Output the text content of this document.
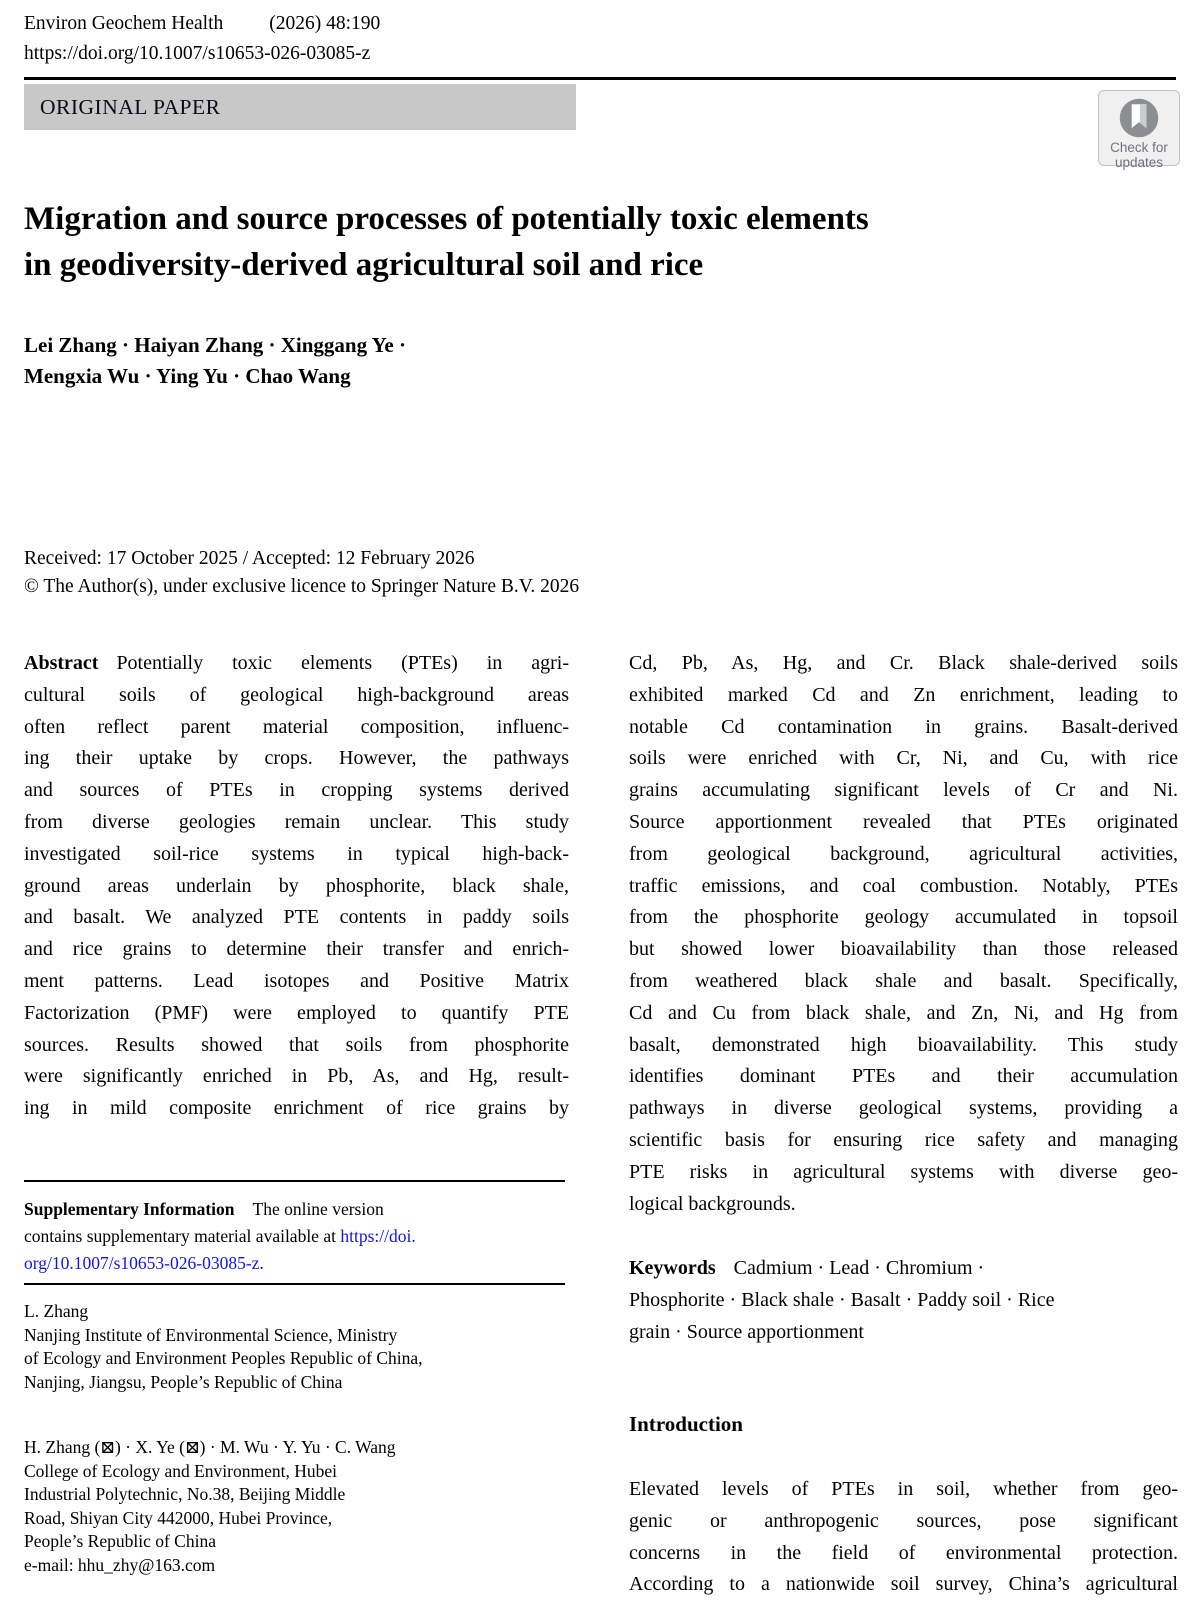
Environ Geochem Health (2026) 48:190
https://doi.org/10.1007/s10653-026-03085-z
ORIGINAL PAPER
Check for
updates
Migration and source processes of potentially toxic elements
in geodiversity-derived agricultural soil and rice
Lei Zhang · Haiyan Zhang · Xinggang Ye ·
Mengxia Wu · Ying Yu · Chao Wang
Received: 17 October 2025 / Accepted: 12 February 2026
© The Author(s), under exclusive licence to Springer Nature B.V. 2026
Abstract Potentially toxic elements (PTEs) in agri-
cultural soils of geological high-background areas
often reflect parent material composition, influenc-
ing their uptake by crops. However, the pathways
and sources of PTEs in cropping systems derived
from diverse geologies remain unclear. This study
investigated soil-rice systems in typical high-back-
ground areas underlain by phosphorite, black shale,
and basalt. We analyzed PTE contents in paddy soils
and rice grains to determine their transfer and enrich-
ment patterns. Lead isotopes and Positive Matrix
Factorization (PMF) were employed to quantify PTE
sources. Results showed that soils from phosphorite
were significantly enriched in Pb, As, and Hg, result-
ing in mild composite enrichment of rice grains by
Cd, Pb, As, Hg, and Cr. Black shale-derived soils
exhibited marked Cd and Zn enrichment, leading to
notable Cd contamination in grains. Basalt-derived
soils were enriched with Cr, Ni, and Cu, with rice
grains accumulating significant levels of Cr and Ni.
Source apportionment revealed that PTEs originated
from geological background, agricultural activities,
traffic emissions, and coal combustion. Notably, PTEs
from the phosphorite geology accumulated in topsoil
but showed lower bioavailability than those released
from weathered black shale and basalt. Specifically,
Cd and Cu from black shale, and Zn, Ni, and Hg from
basalt, demonstrated high bioavailability. This study
identifies dominant PTEs and their accumulation
pathways in diverse geological systems, providing a
scientific basis for ensuring rice safety and managing
PTE risks in agricultural systems with diverse geo-
logical backgrounds.
Keywords Cadmium · Lead · Chromium ·
Phosphorite · Black shale · Basalt · Paddy soil · Rice
grain · Source apportionment
Introduction
Elevated levels of PTEs in soil, whether from geo-
genic or anthropogenic sources, pose significant
concerns in the field of environmental protection.
According to a nationwide soil survey, China’s agricultural
Supplementary Information The online version
contains supplementary material available at https://doi.
org/10.1007/s10653-026-03085-z.
L. Zhang
Nanjing Institute of Environmental Science, Ministry
of Ecology and Environment Peoples Republic of China,
Nanjing, Jiangsu, People’s Republic of China
H. Zhang (⊠) · X. Ye (⊠) · M. Wu · Y. Yu · C. Wang
College of Ecology and Environment, Hubei
Industrial Polytechnic, No.38, Beijing Middle
Road, Shiyan City 442000, Hubei Province,
People’s Republic of China
e-mail: hhu_zhy@163.com
